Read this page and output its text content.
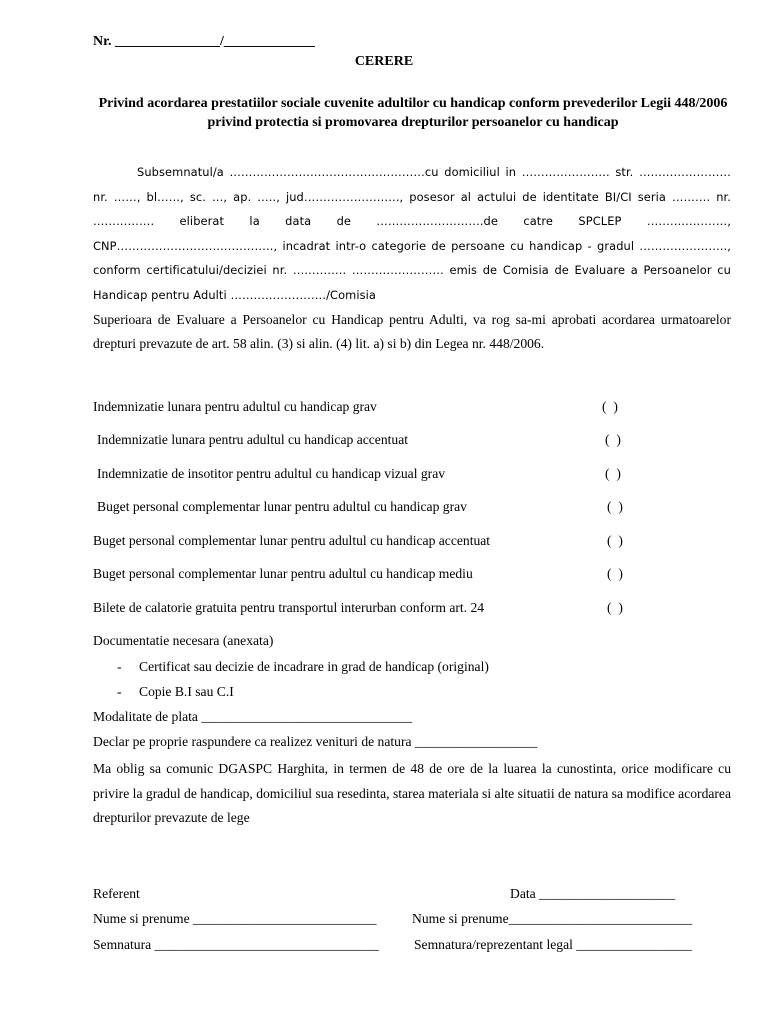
Nr. _______________/_____________
CERERE
Privind acordarea prestatiilor sociale cuvenite adultilor cu handicap conform prevederilor Legii 448/2006 privind protectia si promovarea drepturilor persoanelor cu handicap

Subsemnatul/a ……………………………………………cu domiciliul in ………………….. str. ……………………nr. ……, bl……, sc. …, ap. ….., jud……………………., posesor al actului de identitate BI/CI seria ………. nr. ……………. eliberat la data de ……………………….de catre SPCLEP …………………, CNP………………………………….., incadrat intr-o categorie de persoane cu handicap - gradul ………………….., conform certificatului/deciziei nr. ………….. …………………… emis de Comisia de Evaluare a Persoanelor cu Handicap pentru Adulti ……………………./Comisia

Superioara de Evaluare a Persoanelor cu Handicap pentru Adulti, va rog sa-mi aprobati acordarea urmatoarelor drepturi prevazute de art. 58 alin. (3) si alin. (4) lit. a) si b) din Legea nr. 448/2006.
Indemnizatie lunara pentru adultul cu handicap grav	(  )
Indemnizatie lunara pentru adultul cu handicap accentuat	(  )
Indemnizatie de insotitor pentru adultul cu handicap vizual grav	(  )
Buget personal complementar lunar pentru adultul cu handicap grav	(  )
Buget personal complementar lunar pentru adultul cu handicap accentuat	(  )
Buget personal complementar lunar pentru adultul cu handicap mediu	(  )
Bilete de calatorie gratuita pentru transportul interurban conform art. 24	(  )
Documentatie necesara (anexata)
- Certificat sau decizie de incadrare in grad de handicap (original)
- Copie B.I sau C.I
Modalitate de plata _______________________________
Declar pe proprie raspundere ca realizez venituri de natura __________________

Ma oblig sa comunic DGASPC Harghita, in termen de 48 de ore de la luarea la cunostinta, orice modificare cu privire la gradul de handicap, domiciliul sua resedinta, starea materiala si alte situatii de natura sa modifice acordarea drepturilor prevazute de lege

Referent	Data ____________________
Nume si prenume ___________________________	Nume si prenume___________________________
Semnatura _________________________________	Semnatura/reprezentant legal _________________
